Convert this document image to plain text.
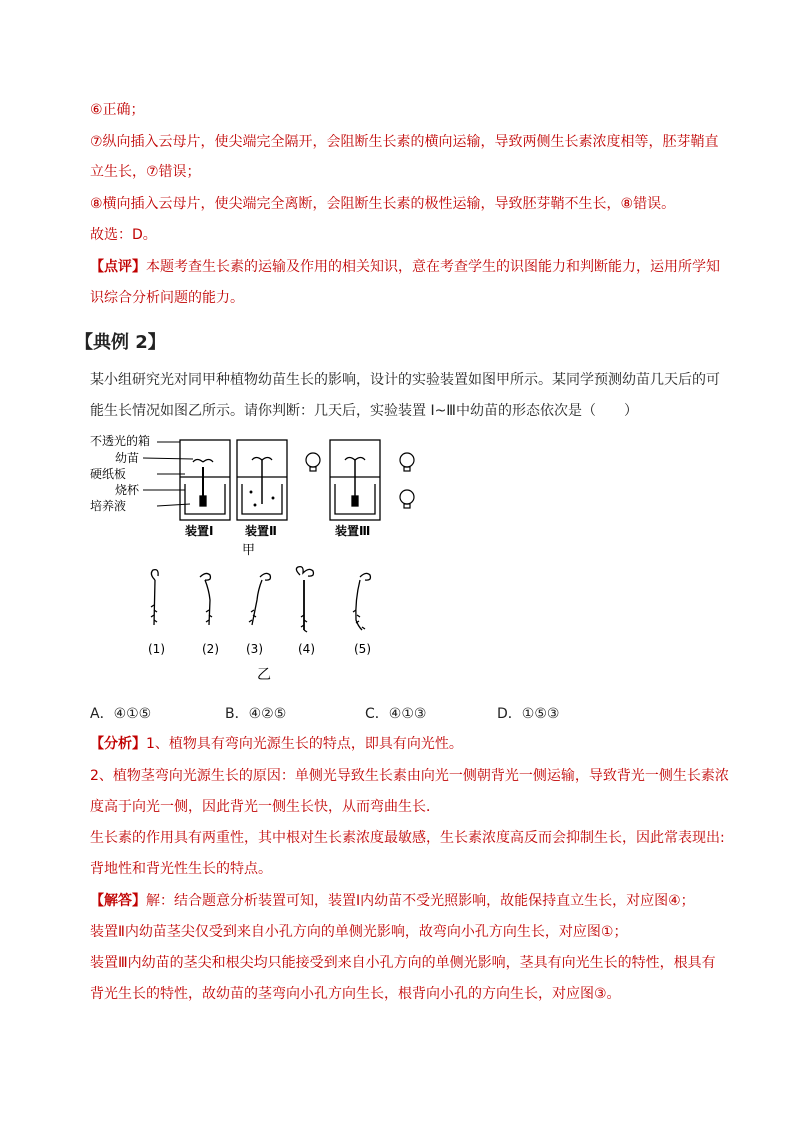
⑥正确；
⑦纵向插入云母片，使尖端完全隔开，会阻断生长素的横向运输，导致两侧生长素浓度相等，胚芽鞘直
立生长，⑦错误；
⑧横向插入云母片，使尖端完全离断，会阻断生长素的极性运输，导致胚芽鞘不生长，⑧错误。
故选：D。
【点评】本题考查生长素的运输及作用的相关知识，意在考查学生的识图能力和判断能力，运用所学知
识综合分析问题的能力。
【典例 2】
某小组研究光对同甲种植物幼苗生长的影响，设计的实验装置如图甲所示。某同学预测幼苗几天后的可
能生长情况如图乙所示。请你判断：几天后，实验装置 I~Ⅲ中幼苗的形态依次是（　　）
不透光的箱
幼苗
硬纸板
烧杯
培养液
装置Ⅰ	装置Ⅱ	装置Ⅲ
甲
(1)	(2) (3)	(4)	(5)
乙
A．④①⑤	B．④②⑤	C．④①③	D．①⑤③
【分析】1、植物具有弯向光源生长的特点，即具有向光性。
2、植物茎弯向光源生长的原因：单侧光导致生长素由向光一侧朝背光一侧运输，导致背光一侧生长素浓
度高于向光一侧，因此背光一侧生长快，从而弯曲生长．
生长素的作用具有两重性，其中根对生长素浓度最敏感，生长素浓度高反而会抑制生长，因此常表现出:
背地性和背光性生长的特点。
【解答】解：结合题意分析装置可知，装置Ⅰ内幼苗不受光照影响，故能保持直立生长，对应图④；
装置Ⅱ内幼苗茎尖仅受到来自小孔方向的单侧光影响，故弯向小孔方向生长，对应图①；
装置Ⅲ内幼苗的茎尖和根尖均只能接受到来自小孔方向的单侧光影响，茎具有向光生长的特性，根具有
背光生长的特性，故幼苗的茎弯向小孔方向生长，根背向小孔的方向生长，对应图③。
